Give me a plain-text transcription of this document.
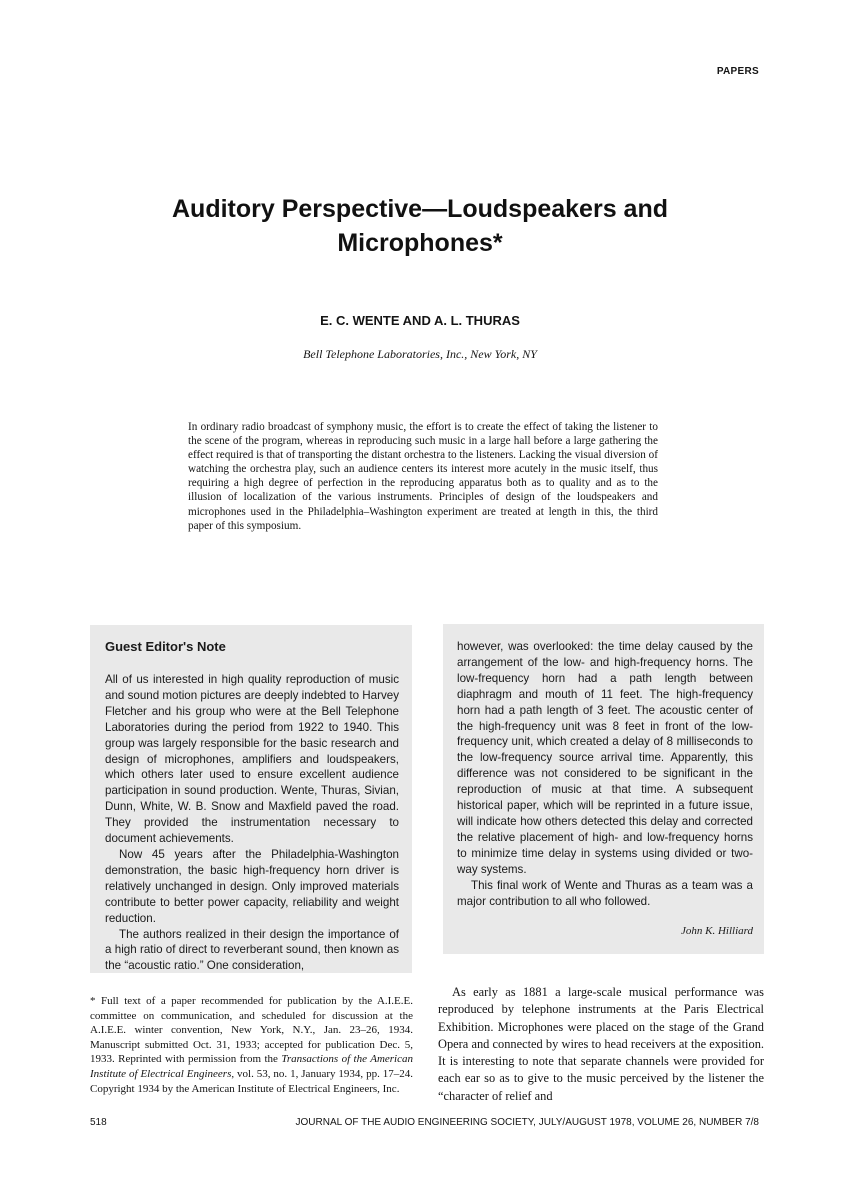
PAPERS
Auditory Perspective—Loudspeakers and Microphones*
E. C. WENTE AND A. L. THURAS
Bell Telephone Laboratories, Inc., New York, NY
In ordinary radio broadcast of symphony music, the effort is to create the effect of taking the listener to the scene of the program, whereas in reproducing such music in a large hall before a large gathering the effect required is that of transporting the distant orchestra to the listeners. Lacking the visual diversion of watching the orchestra play, such an audience centers its interest more acutely in the music itself, thus requiring a high degree of perfection in the reproducing apparatus both as to quality and as to the illusion of localization of the various instruments. Principles of design of the loudspeakers and microphones used in the Philadelphia–Washington experiment are treated at length in this, the third paper of this symposium.
Guest Editor's Note

All of us interested in high quality reproduction of music and sound motion pictures are deeply indebted to Harvey Fletcher and his group who were at the Bell Telephone Laboratories during the period from 1922 to 1940. This group was largely responsible for the basic research and design of microphones, amplifiers and loudspeakers, which others later used to ensure excellent audience participation in sound production. Wente, Thuras, Sivian, Dunn, White, W. B. Snow and Maxfield paved the road. They provided the instrumentation necessary to document achievements.

Now 45 years after the Philadelphia-Washington demonstration, the basic high-frequency horn driver is relatively unchanged in design. Only improved materials contribute to better power capacity, reliability and weight reduction.

The authors realized in their design the importance of a high ratio of direct to reverberant sound, then known as the “acoustic ratio.” One consideration,

however, was overlooked: the time delay caused by the arrangement of the low- and high-frequency horns. The low-frequency horn had a path length between diaphragm and mouth of 11 feet. The high-frequency horn had a path length of 3 feet. The acoustic center of the high-frequency unit was 8 feet in front of the low-frequency unit, which created a delay of 8 milliseconds to the low-frequency source arrival time. Apparently, this difference was not considered to be significant in the reproduction of music at that time. A subsequent historical paper, which will be reprinted in a future issue, will indicate how others detected this delay and corrected the relative placement of high- and low-frequency horns to minimize time delay in systems using divided or two-way systems.

This final work of Wente and Thuras as a team was a major contribution to all who followed.

John K. Hilliard
* Full text of a paper recommended for publication by the A.I.E.E. committee on communication, and scheduled for discussion at the A.I.E.E. winter convention, New York, N.Y., Jan. 23–26, 1934. Manuscript submitted Oct. 31, 1933; accepted for publication Dec. 5, 1933. Reprinted with permission from the Transactions of the American Institute of Electrical Engineers, vol. 53, no. 1, January 1934, pp. 17–24. Copyright 1934 by the American Institute of Electrical Engineers, Inc.

As early as 1881 a large-scale musical performance was reproduced by telephone instruments at the Paris Electrical Exhibition. Microphones were placed on the stage of the Grand Opera and connected by wires to head receivers at the exposition. It is interesting to note that separate channels were provided for each ear so as to give to the music perceived by the listener the “character of relief and

518	JOURNAL OF THE AUDIO ENGINEERING SOCIETY, JULY/AUGUST 1978, VOLUME 26, NUMBER 7/8
